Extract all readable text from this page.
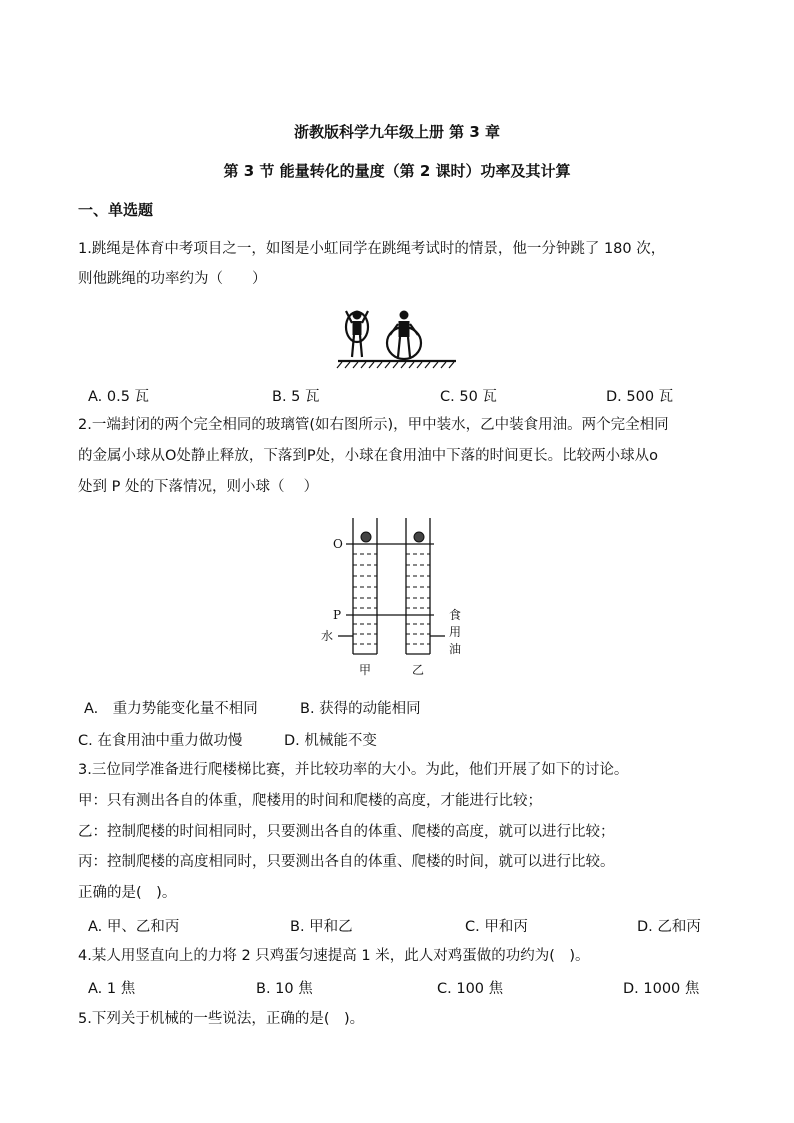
浙教版科学九年级上册 第 3 章
第 3 节 能量转化的量度（第 2 课时）功率及其计算
一、单选题
1.跳绳是体育中考项目之一，如图是小虹同学在跳绳考试时的情景，他一分钟跳了 180 次，
则他跳绳的功率约为（　　）
A. 0.5 瓦	B. 5 瓦	C. 50 瓦	D. 500 瓦
2.一端封闭的两个完全相同的玻璃管(如右图所示)，甲中装水，乙中装食用油。两个完全相同
的金属小球从O处静止释放，下落到P处，小球在食用油中下落的时间更长。比较两小球从o
处到 P 处的下落情况，则小球（　 ）
O
P
水
食
用
油
甲	乙
A.　重力势能变化量不相同	B. 获得的动能相同
C. 在食用油中重力做功慢	D. 机械能不变
3.三位同学准备进行爬楼梯比赛，并比较功率的大小。为此，他们开展了如下的讨论。
甲：只有测出各自的体重，爬楼用的时间和爬楼的高度，才能进行比较；
乙：控制爬楼的时间相同时，只要测出各自的体重、爬楼的高度，就可以进行比较；
丙：控制爬楼的高度相同时，只要测出各自的体重、爬楼的时间，就可以进行比较。
正确的是(　)。
A. 甲、乙和丙	B. 甲和乙	C. 甲和丙	D. 乙和丙
4.某人用竖直向上的力将 2 只鸡蛋匀速提高 1 米，此人对鸡蛋做的功约为(　)。
A. 1 焦	B. 10 焦	C. 100 焦	D. 1000 焦
5.下列关于机械的一些说法，正确的是(　)。
